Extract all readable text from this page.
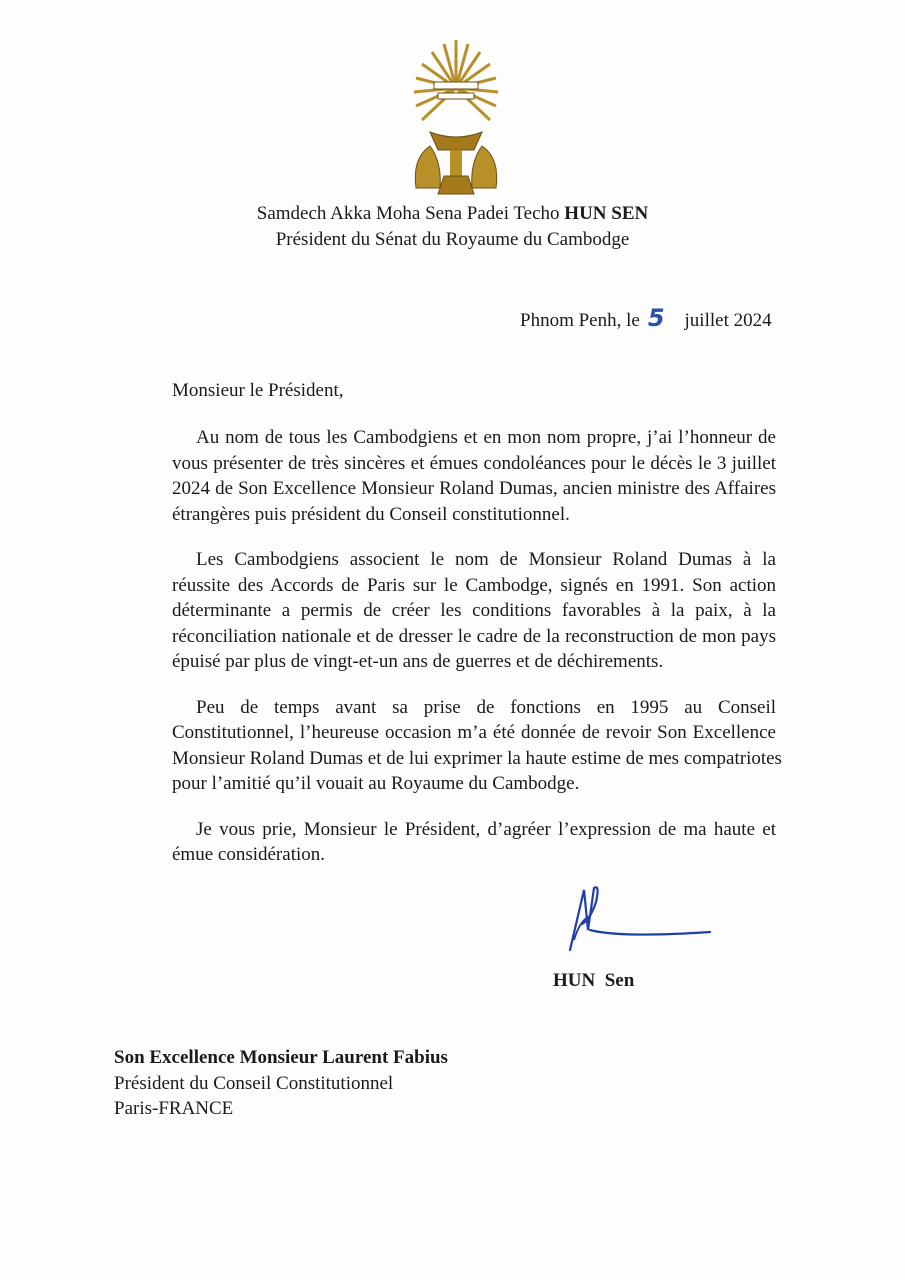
Samdech Akka Moha Sena Padei Techo HUN SEN
Président du Sénat du Royaume du Cambodge
Phnom Penh, le 5 juillet 2024
Monsieur le Président,
Au nom de tous les Cambodgiens et en mon nom propre, j’ai l’honneur de
vous présenter de très sincères et émues condoléances pour le décès le 3 juillet
2024 de Son Excellence Monsieur Roland Dumas, ancien ministre des Affaires
étrangères puis président du Conseil constitutionnel.
Les Cambodgiens associent le nom de Monsieur Roland Dumas à la
réussite des Accords de Paris sur le Cambodge, signés en 1991. Son action
déterminante a permis de créer les conditions favorables à la paix, à la
réconciliation nationale et de dresser le cadre de la reconstruction de mon pays
épuisé par plus de vingt-et-un ans de guerres et de déchirements.
Peu de temps avant sa prise de fonctions en 1995 au Conseil
Constitutionnel, l’heureuse occasion m’a été donnée de revoir Son Excellence
Monsieur Roland Dumas et de lui exprimer la haute estime de mes compatriotes
pour l’amitié qu’il vouait au Royaume du Cambodge.
Je vous prie, Monsieur le Président, d’agréer l’expression de ma haute et
émue considération.
HUN  Sen
Son Excellence Monsieur Laurent Fabius
Président du Conseil Constitutionnel
Paris-FRANCE
